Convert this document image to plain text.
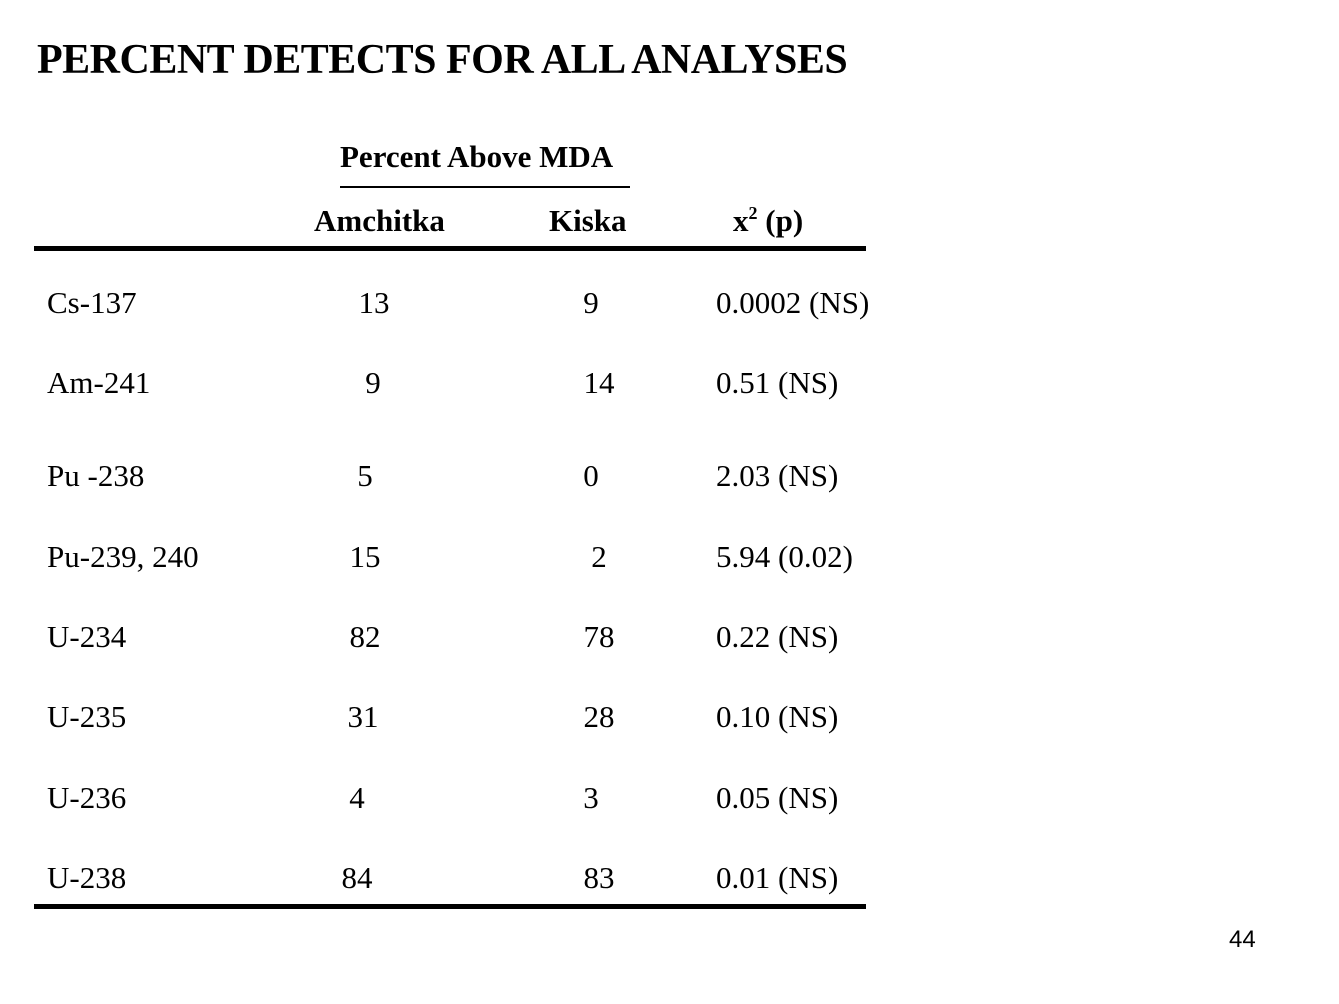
PERCENT DETECTS FOR ALL ANALYSES
Percent Above MDA
Amchitka	Kiska	$x^2$ (p)
Cs-137	13	9	0.0002 (NS)
Am-241	9	14	0.51 (NS)
Pu -238	5	0	2.03 (NS)
Pu-239, 240	15	2	5.94 (0.02)
U-234	82	78	0.22 (NS)
U-235	31	28	0.10 (NS)
U-236	4	3	0.05 (NS)
U-238	84	83	0.01 (NS)
44
